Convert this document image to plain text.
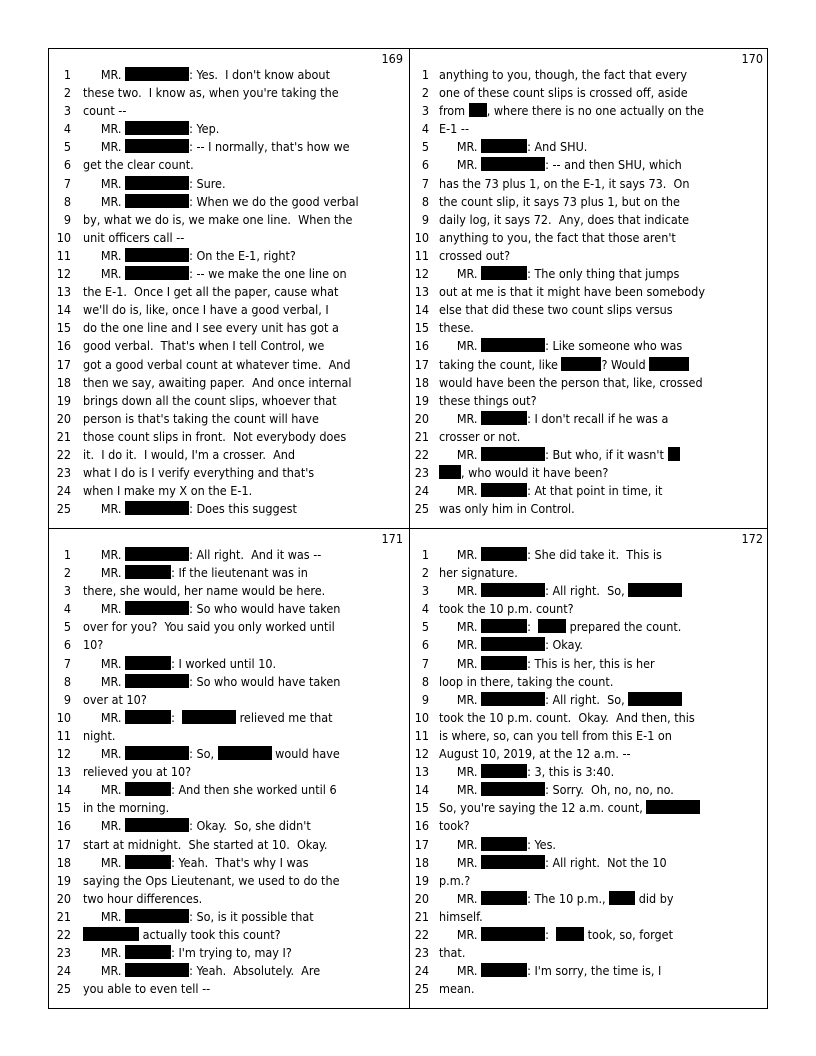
169
1 MR.	: Yes.  I don't know about
2 these two.  I know as, when you're taking the
3 count --
4 MR.	: Yep.
5 MR.	: -- I normally, that's how we
6 get the clear count.
7 MR.	: Sure.
8 MR.	: When we do the good verbal
9 by, what we do is, we make one line.  When the
10 unit officers call --
11 MR.	: On the E-1, right?
12 MR.	: -- we make the one line on
13 the E-1.  Once I get all the paper, cause what
14 we'll do is, like, once I have a good verbal, I
15 do the one line and I see every unit has got a
16 good verbal.  That's when I tell Control, we
17 got a good verbal count at whatever time.  And
18 then we say, awaiting paper.  And once internal
19 brings down all the count slips, whoever that
20 person is that's taking the count will have
21 those count slips in front.  Not everybody does
22 it.  I do it.  I would, I'm a crosser.  And
23 what I do is I verify everything and that's
24 when I make my X on the E-1.
25 MR.	: Does this suggest
170
1 anything to you, though, the fact that every
2 one of these count slips is crossed off, aside
3 from , where there is no one actually on the
4 E-1 --
5 MR.	: And SHU.
6 MR.	: -- and then SHU, which
7 has the 73 plus 1, on the E-1, it says 73.  On
8 the count slip, it says 73 plus 1, but on the
9 daily log, it says 72.  Any, does that indicate
10 anything to you, the fact that those aren't
11 crossed out?
12 MR.	: The only thing that jumps
13 out at me is that it might have been somebody
14 else that did these two count slips versus
15 these.
16 MR.	: Like someone who was
17 taking the count, like	? Would
18 would have been the person that, like, crossed
19 these things out?
20 MR.	: I don't recall if he was a
21 crosser or not.
22 MR.	: But who, if it wasn't
23	, who would it have been?
24 MR.	: At that point in time, it
25 was only him in Control.
171
1 MR.	: All right.  And it was --
2 MR.	: If the lieutenant was in
3 there, she would, her name would be here.
4 MR.	: So who would have taken
5 over for you?  You said you only worked until
6 10?
7 MR.	: I worked until 10.
8 MR.	: So who would have taken
9 over at 10?
10 MR.	:	relieved me that
11 night.
12 MR.	: So,	would have
13 relieved you at 10?
14 MR.	: And then she worked until 6
15 in the morning.
16 MR.	: Okay.  So, she didn't
17 start at midnight.  She started at 10.  Okay.
18 MR.	: Yeah.  That's why I was
19 saying the Ops Lieutenant, we used to do the
20 two hour differences.
21 MR.	: So, is it possible that
22	actually took this count?
23 MR.	: I'm trying to, may I?
24 MR.	: Yeah.  Absolutely.  Are
25 you able to even tell --
172
1 MR.	: She did take it.  This is
2 her signature.
3 MR.	: All right.  So,
4 took the 10 p.m. count?
5 MR.	:   prepared the count.
6 MR.	: Okay.
7 MR.	: This is her, this is her
8 loop in there, taking the count.
9 MR.	: All right.  So,
10 took the 10 p.m. count.  Okay.  And then, this
11 is where, so, can you tell from this E-1 on
12 August 10, 2019, at the 12 a.m. --
13 MR.	: 3, this is 3:40.
14 MR.	: Sorry.  Oh, no, no, no.
15 So, you're saying the 12 a.m. count,
16 took?
17 MR.	: Yes.
18 MR.	: All right.  Not the 10
19 p.m.?
20 MR.	: The 10 p.m.,  did by
21 himself.
22 MR.	:   took, so, forget
23 that.
24 MR.	: I'm sorry, the time is, I
25 mean.
